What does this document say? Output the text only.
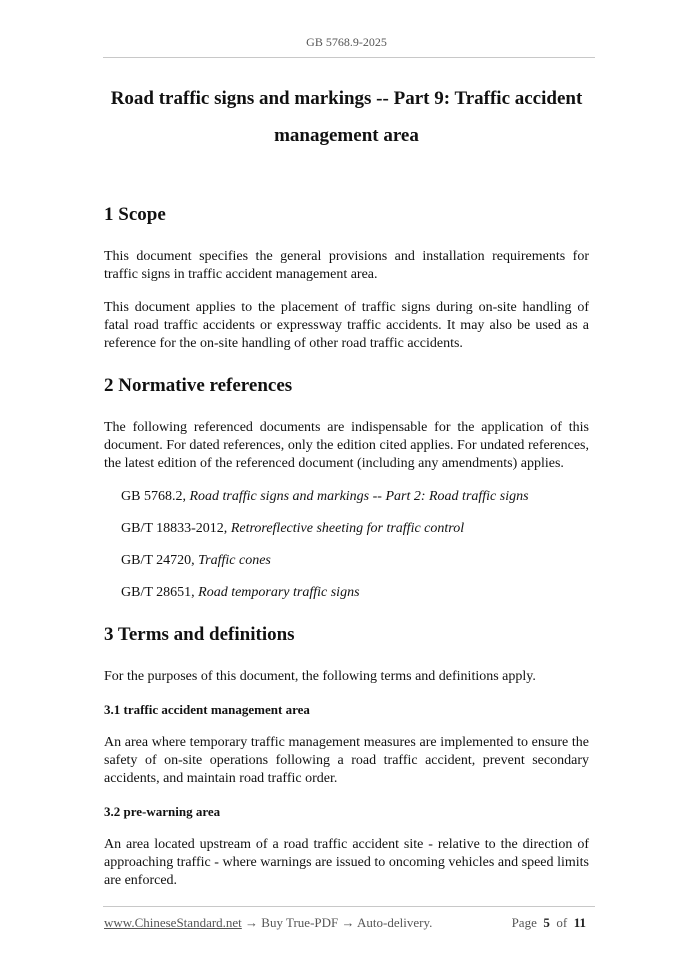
GB 5768.9-2025
Road traffic signs and markings -- Part 9: Traffic accident management area
1 Scope

This document specifies the general provisions and installation requirements for traffic signs in traffic accident management area.

This document applies to the placement of traffic signs during on-site handling of fatal road traffic accidents or expressway traffic accidents. It may also be used as a reference for the on-site handling of other road traffic accidents.

2 Normative references

The following referenced documents are indispensable for the application of this document. For dated references, only the edition cited applies. For undated references, the latest edition of the referenced document (including any amendments) applies.

GB 5768.2, Road traffic signs and markings -- Part 2: Road traffic signs
GB/T 18833-2012, Retroreflective sheeting for traffic control
GB/T 24720, Traffic cones
GB/T 28651, Road temporary traffic signs
3 Terms and definitions

For the purposes of this document, the following terms and definitions apply.

3.1 traffic accident management area

An area where temporary traffic management measures are implemented to ensure the safety of on-site operations following a road traffic accident, prevent secondary accidents, and maintain road traffic order.

3.2 pre-warning area

An area located upstream of a road traffic accident site - relative to the direction of approaching traffic - where warnings are issued to oncoming vehicles and speed limits are enforced.

www.ChineseStandard.net → Buy True-PDF → Auto-delivery.	Page 5 of 11
